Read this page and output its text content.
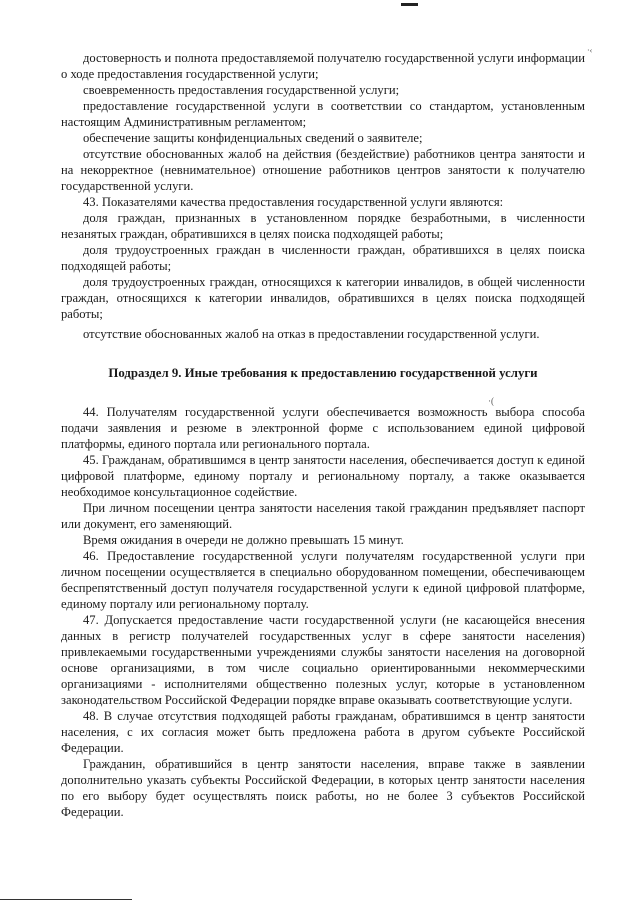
·‹

достоверность и полнота предоставляемой получателю государственной услуги информации о ходе предоставления государственной услуги;

своевременность предоставления государственной услуги;

предоставление государственной услуги в соответствии со стандартом, установленным настоящим Административным регламентом;

обеспечение защиты конфиденциальных сведений о заявителе;

отсутствие обоснованных жалоб на действия (бездействие) работников центра занятости и на некорректное (невнимательное) отношение работников центров занятости к получателю государственной услуги.

43. Показателями качества предоставления государственной услуги являются:

доля граждан, признанных в установленном порядке безработными, в численности незанятых граждан, обратившихся в целях поиска подходящей работы;

доля трудоустроенных граждан в численности граждан, обратившихся в целях поиска подходящей работы;

доля трудоустроенных граждан, относящихся к категории инвалидов, в общей численности граждан, относящихся к категории инвалидов, обратившихся в целях поиска подходящей работы;

отсутствие обоснованных жалоб на отказ в предоставлении государственной услуги.

Подраздел 9. Иные требования к предоставлению государственной услуги
·(

44. Получателям государственной услуги обеспечивается возможность выбора способа подачи заявления и резюме в электронной форме с использованием единой цифровой платформы, единого портала или регионального портала.

45. Гражданам, обратившимся в центр занятости населения, обеспечивается доступ к единой цифровой платформе, единому порталу и региональному порталу, а также оказывается необходимое консультационное содействие.

При личном посещении центра занятости населения такой гражданин предъявляет паспорт или документ, его заменяющий.

Время ожидания в очереди не должно превышать 15 минут.

46. Предоставление государственной услуги получателям государственной услуги при личном посещении осуществляется в специально оборудованном помещении, обеспечивающем беспрепятственный доступ получателя государственной услуги к единой цифровой платформе, единому порталу или региональному порталу.

47. Допускается предоставление части государственной услуги (не касающейся внесения данных в регистр получателей государственных услуг в сфере занятости населения) привлекаемыми государственными учреждениями службы занятости населения на договорной основе организациями, в том числе социально ориентированными некоммерческими организациями - исполнителями общественно полезных услуг, которые в установленном законодательством Российской Федерации порядке вправе оказывать соответствующие услуги.

48. В случае отсутствия подходящей работы гражданам, обратившимся в центр занятости населения, с их согласия может быть предложена работа в другом субъекте Российской Федерации.

Гражданин, обратившийся в центр занятости населения, вправе также в заявлении дополнительно указать субъекты Российской Федерации, в которых центр занятости населения по его выбору будет осуществлять поиск работы, но не более 3 субъектов Российской Федерации.
